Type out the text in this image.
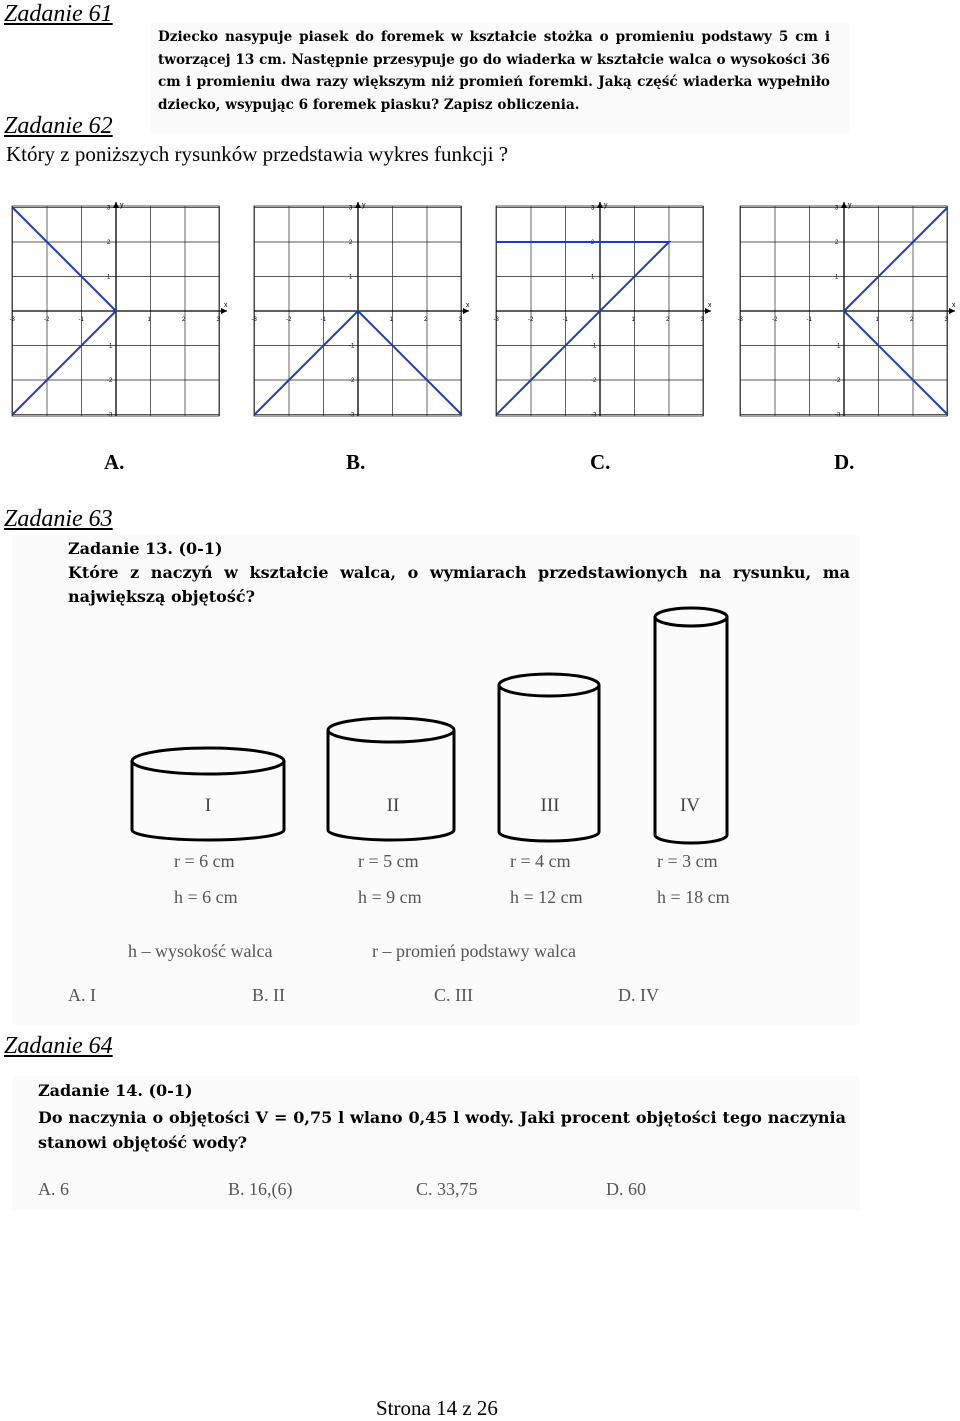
Zadanie 61

Dziecko nasypuje piasek do foremek w kształcie stożka o promieniu podstawy 5 cm i tworzącej 13 cm. Następnie przesypuje go do wiaderka w kształcie walca o wysokości 36 cm i promieniu dwa razy większym niż promień foremki. Jaką część wiaderka wypełniło dziecko, wsypując 6 foremek piasku? Zapisz obliczenia.

Zadanie 62
Który z poniższych rysunków przedstawia wykres funkcji ?
x
y
-3
-3
-2
-2
-1
-1
1
1
2
2
3
3
x
y
-3
-3
-2
-2
-1
-1
1
1
2
2
3
3
x
y
-3
-3
-2
-2
-1
-1
1
1
2
2
3
3
x
y
-3
-3
-2
-2
-1
-1
1
1
2
2
3
3
A.	B.	C.	D.
Zadanie 63
Zadanie 13. (0-1)
Które z naczyń w kształcie walca, o wymiarach przedstawionych na rysunku, ma największą objętość?
I	II	III	IV
r = 6 cm
h = 6 cm
r = 5 cm
h = 9 cm
r = 4 cm
h = 12 cm
r = 3 cm
h = 18 cm
h – wysokość walca	r – promień podstawy walca
A. I	B. II	C. III	D. IV
Zadanie 64
Zadanie 14. (0-1)
Do naczynia o objętości V = 0,75 l wlano 0,45 l wody. Jaki procent objętości tego naczynia stanowi objętość wody?
A. 6	B. 16,(6)	C. 33,75	D. 60
Strona 14 z 26
